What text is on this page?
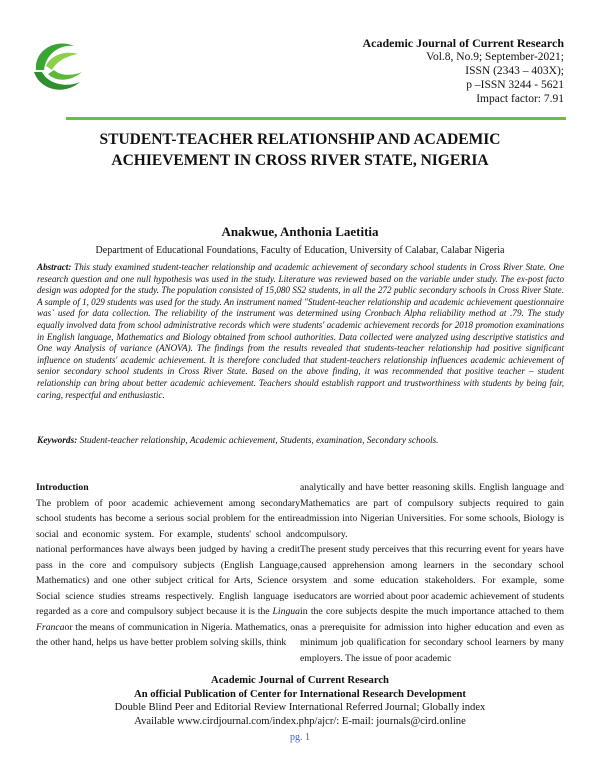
Academic Journal of Current Research
Vol.8, No.9; September-2021;
ISSN (2343 – 403X);
p –ISSN 3244 - 5621
Impact factor: 7.91
STUDENT-TEACHER RELATIONSHIP AND ACADEMIC
ACHIEVEMENT IN CROSS RIVER STATE, NIGERIA
Anakwue, Anthonia Laetitia
Department of Educational Foundations, Faculty of Education, University of Calabar, Calabar Nigeria
Abstract: This study examined student-teacher relationship and academic achievement of secondary school students in Cross River State. One research question and one null hypothesis was used in the study. Literature was reviewed based on the variable under study. The ex-post facto design was adopted for the study. The population consisted of 15,080 SS2 students, in all the 272 public secondary schools in Cross River State. A sample of 1, 029 students was used for the study. An instrument named "Student-teacher relationship and academic achievement questionnaire was` used for data collection. The reliability of the instrument was determined using Cronbach Alpha reliability method at .79. The study equally involved data from school administrative records which were students' academic achievement records for 2018 promotion examinations in English language, Mathematics and Biology obtained from school authorities. Data collected were analyzed using descriptive statistics and One way Analysis of variance (ANOVA). The findings from the results revealed that students-teacher relationship had positive significant influence on students' academic achievement. It is therefore concluded that student-teachers relationship influences academic achievement of senior secondary school students in Cross River State. Based on the above finding, it was recommended that positive teacher – student relationship can bring about better academic achievement. Teachers should establish rapport and trustworthiness with students by being fair, caring, respectful and enthusiastic.
Keywords: Student-teacher relationship, Academic achievement, Students, examination, Secondary schools.
Introduction

The problem of poor academic achievement among secondary school students has become a serious social problem for the entire social and economic system. For example, students' school and national performances have always been judged by having a credit pass in the core and compulsory subjects (English Language, Mathematics) and one other subject critical for Arts, Science or Social science studies streams respectively. English language is regarded as a core and compulsory subject because it is the Lingua Francaor the means of communication in Nigeria. Mathematics, on the other hand, helps us have better problem solving skills, think

analytically and have better reasoning skills. English language and Mathematics are part of compulsory subjects required to gain admission into Nigerian Universities. For some schools, Biology is compulsory.

The present study perceives that this recurring event for years have caused apprehension among learners in the secondary school system and some education stakeholders. For example, some educators are worried about poor academic achievement of students in the core subjects despite the much importance attached to them as a prerequisite for admission into higher education and even as minimum job qualification for secondary school learners by many employers. The issue of poor academic

Academic Journal of Current Research
An official Publication of Center for International Research Development
Double Blind Peer and Editorial Review International Referred Journal; Globally index
Available www.cirdjournal.com/index.php/ajcr/: E-mail: journals@cird.online
pg. 1
